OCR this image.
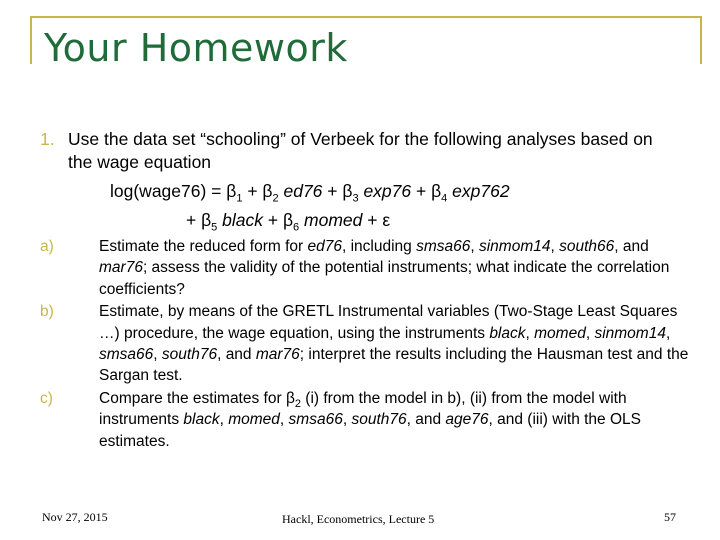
Your Homework
1. Use the data set “schooling” of Verbeek for the following analyses based on the wage equation
log(wage76) = $\beta_1 + \beta_2$ $ed76 + \beta_3$ $\exp 76 + \beta_4$ exp762
+ $\beta_5$ black + $\beta_6$ momed + ε
a)	Estimate the reduced form for ed76, including smsa66, sinmom14, south66, and mar76; assess the validity of the potential instruments; what indicate the correlation coefficients?
b)	Estimate, by means of the GRETL Instrumental variables (Two-Stage Least Squares …) procedure, the wage equation, using the instruments black, momed, sinmom14, smsa66, south76, and mar76; interpret the results including the Hausman test and the Sargan test.
c)	Compare the estimates for $\beta_2$ (i) from the model in b), (ii) from the model with instruments black, momed, smsa66, south76, and age76, and (iii) with the OLS estimates.
Nov 27, 2015	Hackl, Econometrics, Lecture 5	57
